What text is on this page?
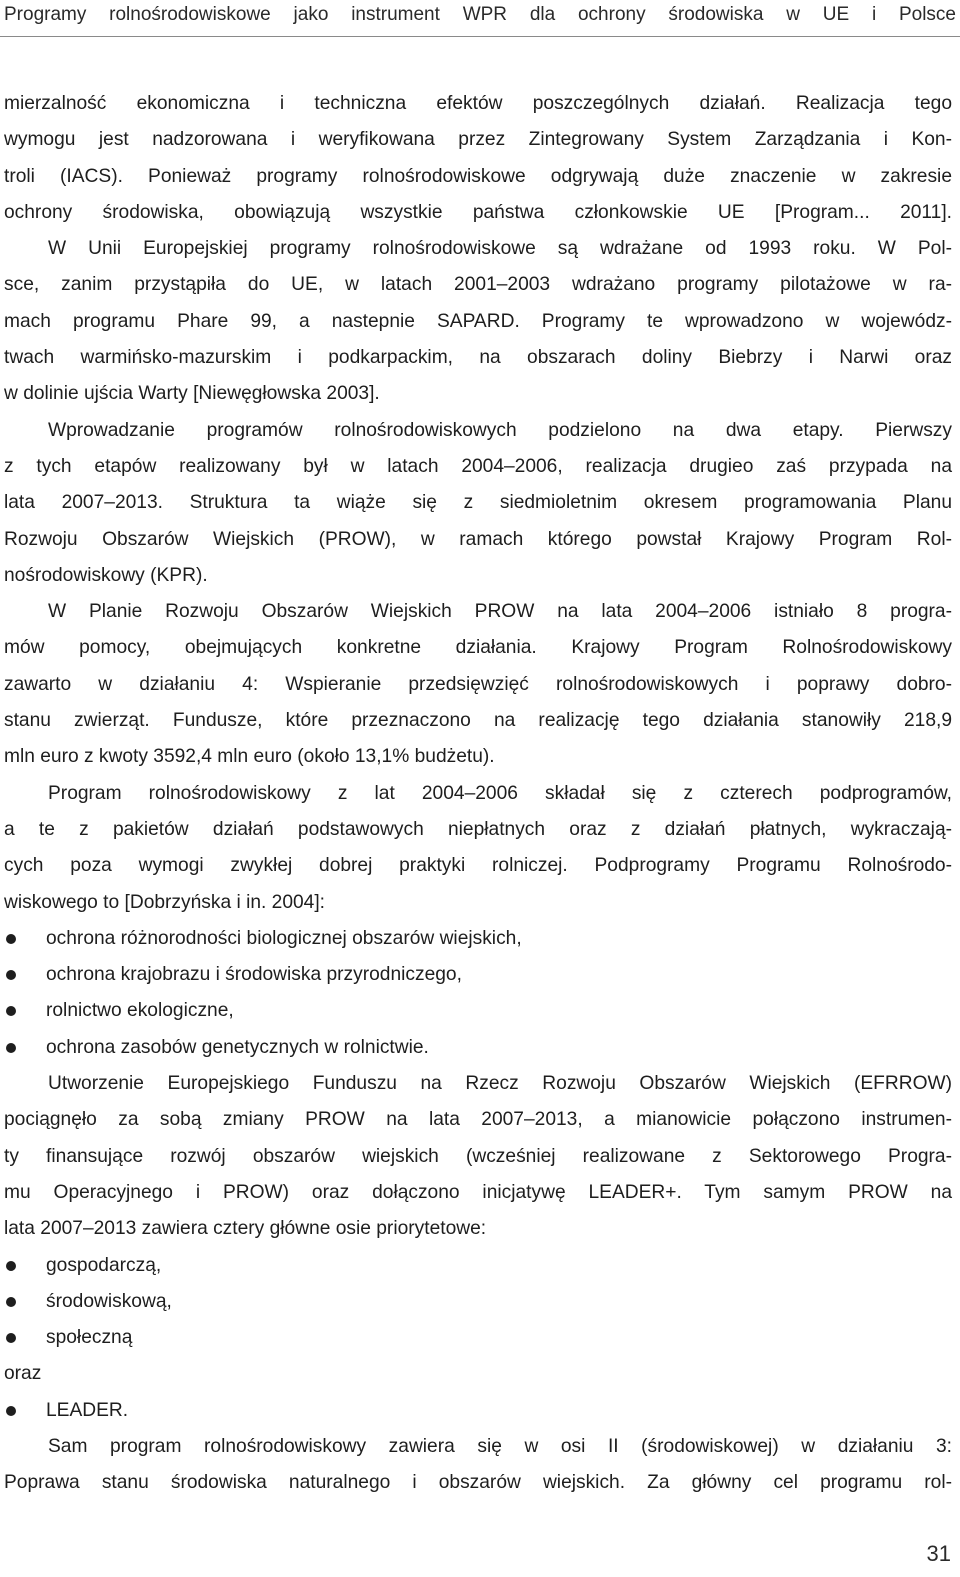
Programy rolnośrodowiskowe jako instrument WPR dla ochrony środowiska w UE i Polsce
mierzalność ekonomiczna i techniczna efektów poszczególnych działań. Realizacja tego
wymogu jest nadzorowana i weryfikowana przez Zintegrowany System Zarządzania i Kon-
troli (IACS). Ponieważ programy rolnośrodowiskowe odgrywają duże znaczenie w zakresie
ochrony środowiska, obowiązują wszystkie państwa członkowskie UE [Program... 2011].
W Unii Europejskiej programy rolnośrodowiskowe są wdrażane od 1993 roku. W Pol-
sce, zanim przystąpiła do UE, w latach 2001–2003 wdrażano programy pilotażowe w ra-
mach programu Phare 99, a nastepnie SAPARD. Programy te wprowadzono w wojewódz-
twach warmińsko-mazurskim i podkarpackim, na obszarach doliny Biebrzy i Narwi oraz
w dolinie ujścia Warty [Niewęgłowska 2003].
Wprowadzanie programów rolnośrodowiskowych podzielono na dwa etapy. Pierwszy
z tych etapów realizowany był w latach 2004–2006, realizacja drugieo zaś przypada na
lata 2007–2013. Struktura ta wiąże się z siedmioletnim okresem programowania Planu
Rozwoju Obszarów Wiejskich (PROW), w ramach którego powstał Krajowy Program Rol-
nośrodowiskowy (KPR).
W Planie Rozwoju Obszarów Wiejskich PROW na lata 2004–2006 istniało 8 progra-
mów pomocy, obejmujących konkretne działania. Krajowy Program Rolnośrodowiskowy
zawarto w działaniu 4: Wspieranie przedsięwzięć rolnośrodowiskowych i poprawy dobro-
stanu zwierząt. Fundusze, które przeznaczono na realizację tego działania stanowiły 218,9
mln euro z kwoty 3592,4 mln euro (około 13,1% budżetu).
Program rolnośrodowiskowy z lat 2004–2006 składał się z czterech podprogramów,
a te z pakietów działań podstawowych niepłatnych oraz z działań płatnych, wykraczają-
cych poza wymogi zwykłej dobrej praktyki rolniczej. Podprogramy Programu Rolnośrodo-
wiskowego to [Dobrzyńska i in. 2004]:
ochrona różnorodności biologicznej obszarów wiejskich,
ochrona krajobrazu i środowiska przyrodniczego,
rolnictwo ekologiczne,
ochrona zasobów genetycznych w rolnictwie.
Utworzenie Europejskiego Funduszu na Rzecz Rozwoju Obszarów Wiejskich (EFRROW)
pociągnęło za sobą zmiany PROW na lata 2007–2013, a mianowicie połączono instrumen-
ty finansujące rozwój obszarów wiejskich (wcześniej realizowane z Sektorowego Progra-
mu Operacyjnego i PROW) oraz dołączono inicjatywę LEADER+. Tym samym PROW na
lata 2007–2013 zawiera cztery główne osie priorytetowe:
gospodarczą,
środowiskową,
społeczną
oraz
LEADER.
Sam program rolnośrodowiskowy zawiera się w osi II (środowiskowej) w działaniu 3:
Poprawa stanu środowiska naturalnego i obszarów wiejskich. Za główny cel programu rol-
31
